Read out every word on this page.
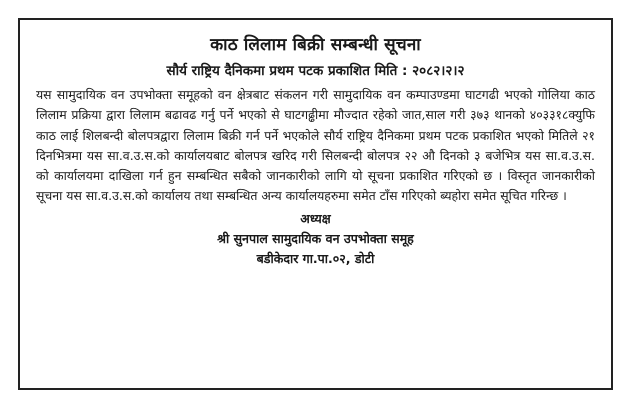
काठ लिलाम बिक्री सम्बन्धी सूचना
सौर्य राष्ट्रिय दैनिकमा प्रथम पटक प्रकाशित मिति : २०८२।२।२

यस सामुदायिक वन उपभोक्ता समूहको वन क्षेत्रबाट संकलन गरी सामुदायिक वन कम्पाउण्डमा घाटगढी भएको गोलिया काठ लिलाम प्रक्रिया द्वारा लिलाम बढावढ गर्नु पर्ने भएको से घाटगढ्ढीमा मौज्दात रहेको जात,साल गरी ३७३ थानको ४०३३१८क्युफि काठ लाई शिलबन्दी बोलपत्रद्वारा लिलाम बिक्री गर्न पर्ने भएकोले सौर्य राष्ट्रिय दैनिकमा प्रथम पटक प्रकाशित भएको मितिले २१ दिनभित्रमा यस सा.व.उ.स.को कार्यालयबाट बोलपत्र खरिद गरी सिलबन्दी बोलपत्र २२ औ दिनको ३ बजेभित्र यस सा.व.उ.स. को कार्यालयमा दाखिला गर्न हुन सम्बन्धित सबैको जानकारीको लागि यो सूचना प्रकाशित गरिएको छ । विस्तृत जानकारीको सूचना यस सा.व.उ.स.को कार्यालय तथा सम्बन्धित अन्य कार्यालयहरुमा समेत टाँस गरिएको ब्यहोरा समेत सूचित गरिन्छ ।

अध्यक्ष
श्री सुनपाल सामुदायिक वन उपभोक्ता समूह
बडीकेदार गा.पा.०२, डोटी
